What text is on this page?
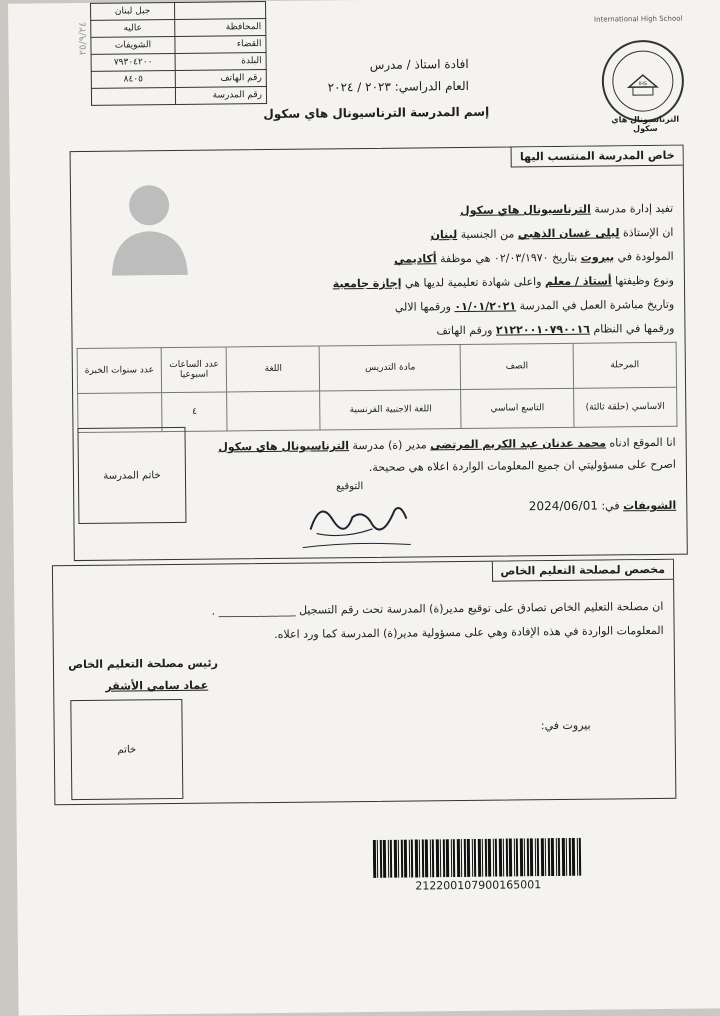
جبل لبنان	
عاليه	المحافظة
الشويفات	القضاء
٧٩٣٠٤٢٠٠	البلدة
٨٤٠٥	رقم الهاتف
	رقم المدرسة
٢٥/٩/٢٤
افادة استاذ / مدرس
العام الدراسي: ٢٠٢٣ / ٢٠٢٤
إسم المدرسة الترناسيونال هاي سكول
IHS
International High School
الترناسيونال هاي سكول
خاص المدرسة المنتسب اليها
تفيد إدارة مدرسة الترناسيونال هاي سكول
ان الإستاذة ليلى غسان الذهبي من الجنسية لبنان
المولودة في بيروت بتاريخ ٠٢/٠٣/١٩٧٠ هي موظفة أكاديمي
ونوع وظيفتها أستاذ / معلم واعلى شهادة تعليمية لديها هي إجازة جامعية
وتاريخ مباشرة العمل في المدرسة ٠١/٠١/٢٠٢١ ورقمها الالي
ورقمها في النظام ٢١٢٢٠٠١٠٧٩٠٠١٦ ورقم الهاتف
المرحلة	الصف	مادة التدريس	اللغة	عدد الساعات اسبوعيا	عدد سنوات الخبرة
الاساسي (حلقة ثالثة)	التاسع اساسي	اللغة الاجنبية الفرنسية		٤	
انا الموقع ادناه محمد عدنان عبد الكريم المرتضى مدير (ة) مدرسة الترناسيونال هاي سكول
اصرح على مسؤوليتي ان جميع المعلومات الواردة اعلاه هي صحيحة.
الشويفات في: 2024/06/01
التوقيع
خاتم المدرسة
مخصص لمصلحة التعليم الخاص
ان مصلحة التعليم الخاص تصادق على توقيع مدير(ة) المدرسة تحت رقم التسجيل ______________ .
المعلومات الواردة في هذه الإفادة وهي على مسؤولية مدير(ة) المدرسة كما ورد اعلاه.
رئيس مصلحة التعليم الخاص
عماد سامي الأشقر
خاتم
بيروت في:
212200107900165001
